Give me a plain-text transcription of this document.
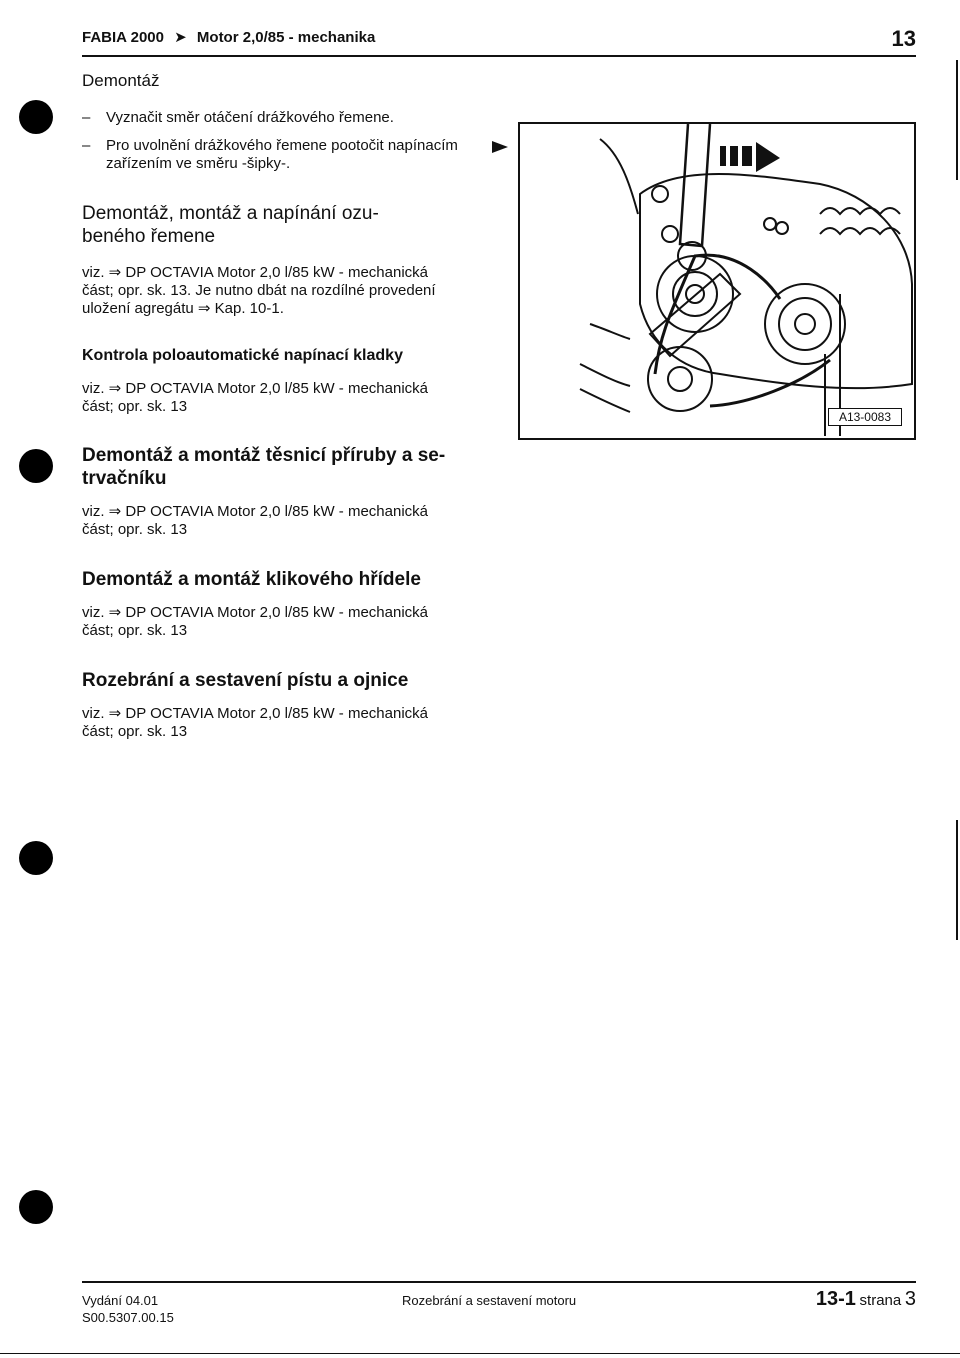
FABIA 2000 ➤ Motor 2,0/85 - mechanika	13
Demontáž
– Vyznačit směr otáčení drážkového řemene.
– Pro uvolnění drážkového řemene pootočit napínacím
zařízením ve směru -šipky-.
Demontáž, montáž a napínání ozu-
beného řemene
viz. ⇒ DP OCTAVIA Motor 2,0 l/85 kW - mechanická
část; opr. sk. 13. Je nutno dbát na rozdílné provedení
uložení agregátu ⇒ Kap. 10-1.
Kontrola poloautomatické napínací kladky
viz. ⇒ DP OCTAVIA Motor 2,0 l/85 kW - mechanická
část; opr. sk. 13
Demontáž a montáž těsnicí příruby a se-
trvačníku
viz. ⇒ DP OCTAVIA Motor 2,0 l/85 kW - mechanická
část; opr. sk. 13
Demontáž a montáž klikového hřídele
viz. ⇒ DP OCTAVIA Motor 2,0 l/85 kW - mechanická
část; opr. sk. 13
Rozebrání a sestavení pístu a ojnice
viz. ⇒ DP OCTAVIA Motor 2,0 l/85 kW - mechanická
část; opr. sk. 13
A13-0083
Vydání 04.01
S00.5307.00.15
Rozebrání a sestavení motoru	13-1 strana 3
